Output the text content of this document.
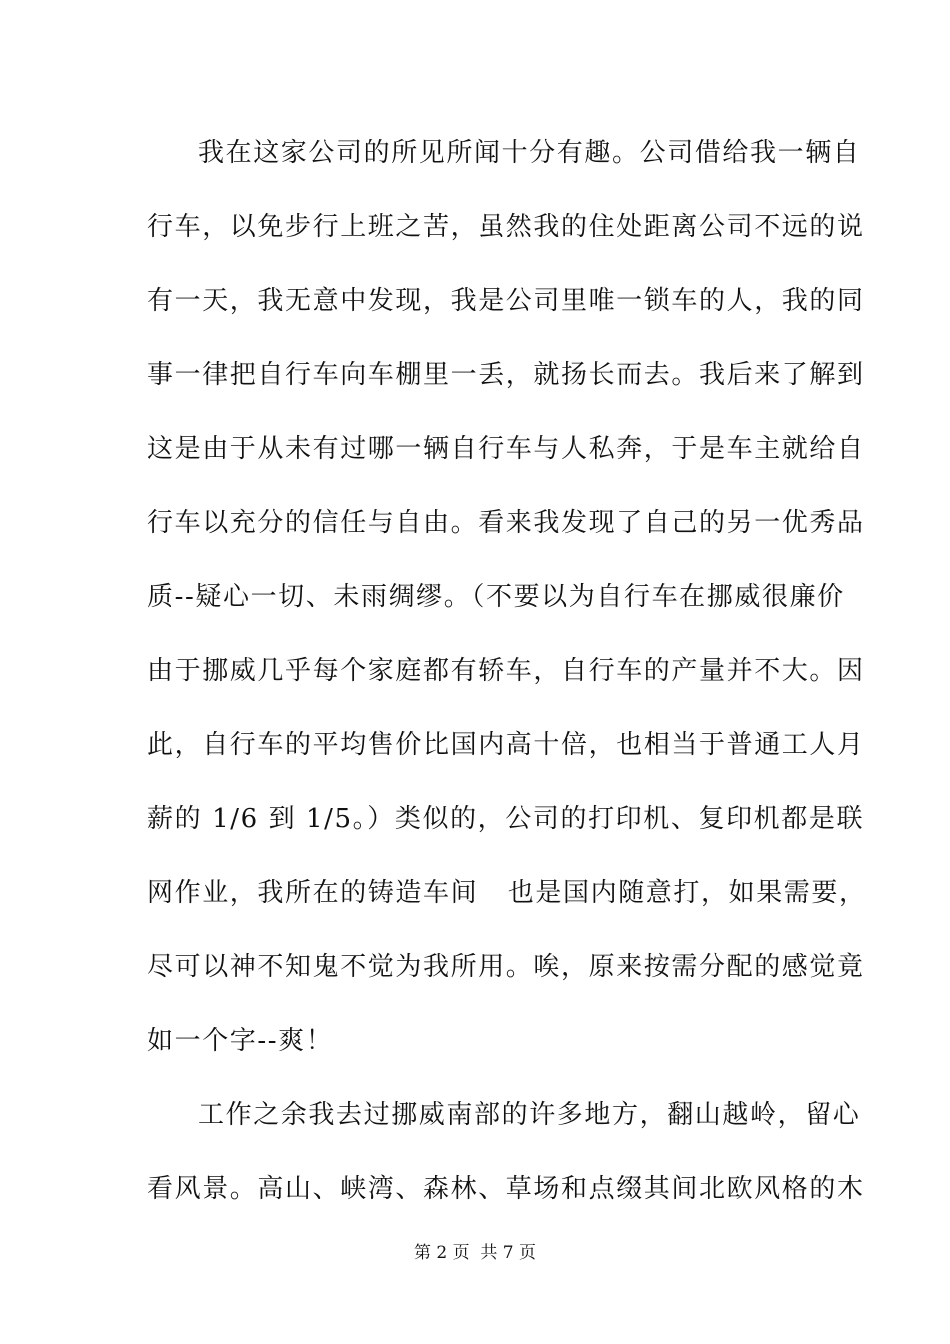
我在这家公司的所见所闻十分有趣。公司借给我一辆自
行车，以免步行上班之苦，虽然我的住处距离公司不远的说
有一天，我无意中发现，我是公司里唯一锁车的人，我的同
事一律把自行车向车棚里一丢，就扬长而去。我后来了解到
这是由于从未有过哪一辆自行车与人私奔，于是车主就给自
行车以充分的信任与自由。看来我发现了自己的另一优秀品
质--疑心一切、未雨绸缪。（不要以为自行车在挪威很廉价
由于挪威几乎每个家庭都有轿车，自行车的产量并不大。因
此，自行车的平均售价比国内高十倍，也相当于普通工人月
薪的 1/6 到 1/5。）类似的，公司的打印机、复印机都是联
网作业，我所在的铸造车间   也是国内随意打，如果需要，
尽可以神不知鬼不觉为我所用。唉，原来按需分配的感觉竟
如一个字--爽！
工作之余我去过挪威南部的许多地方，翻山越岭，留心
看风景。高山、峡湾、森林、草场和点缀其间北欧风格的木
第 2 页  共 7 页
